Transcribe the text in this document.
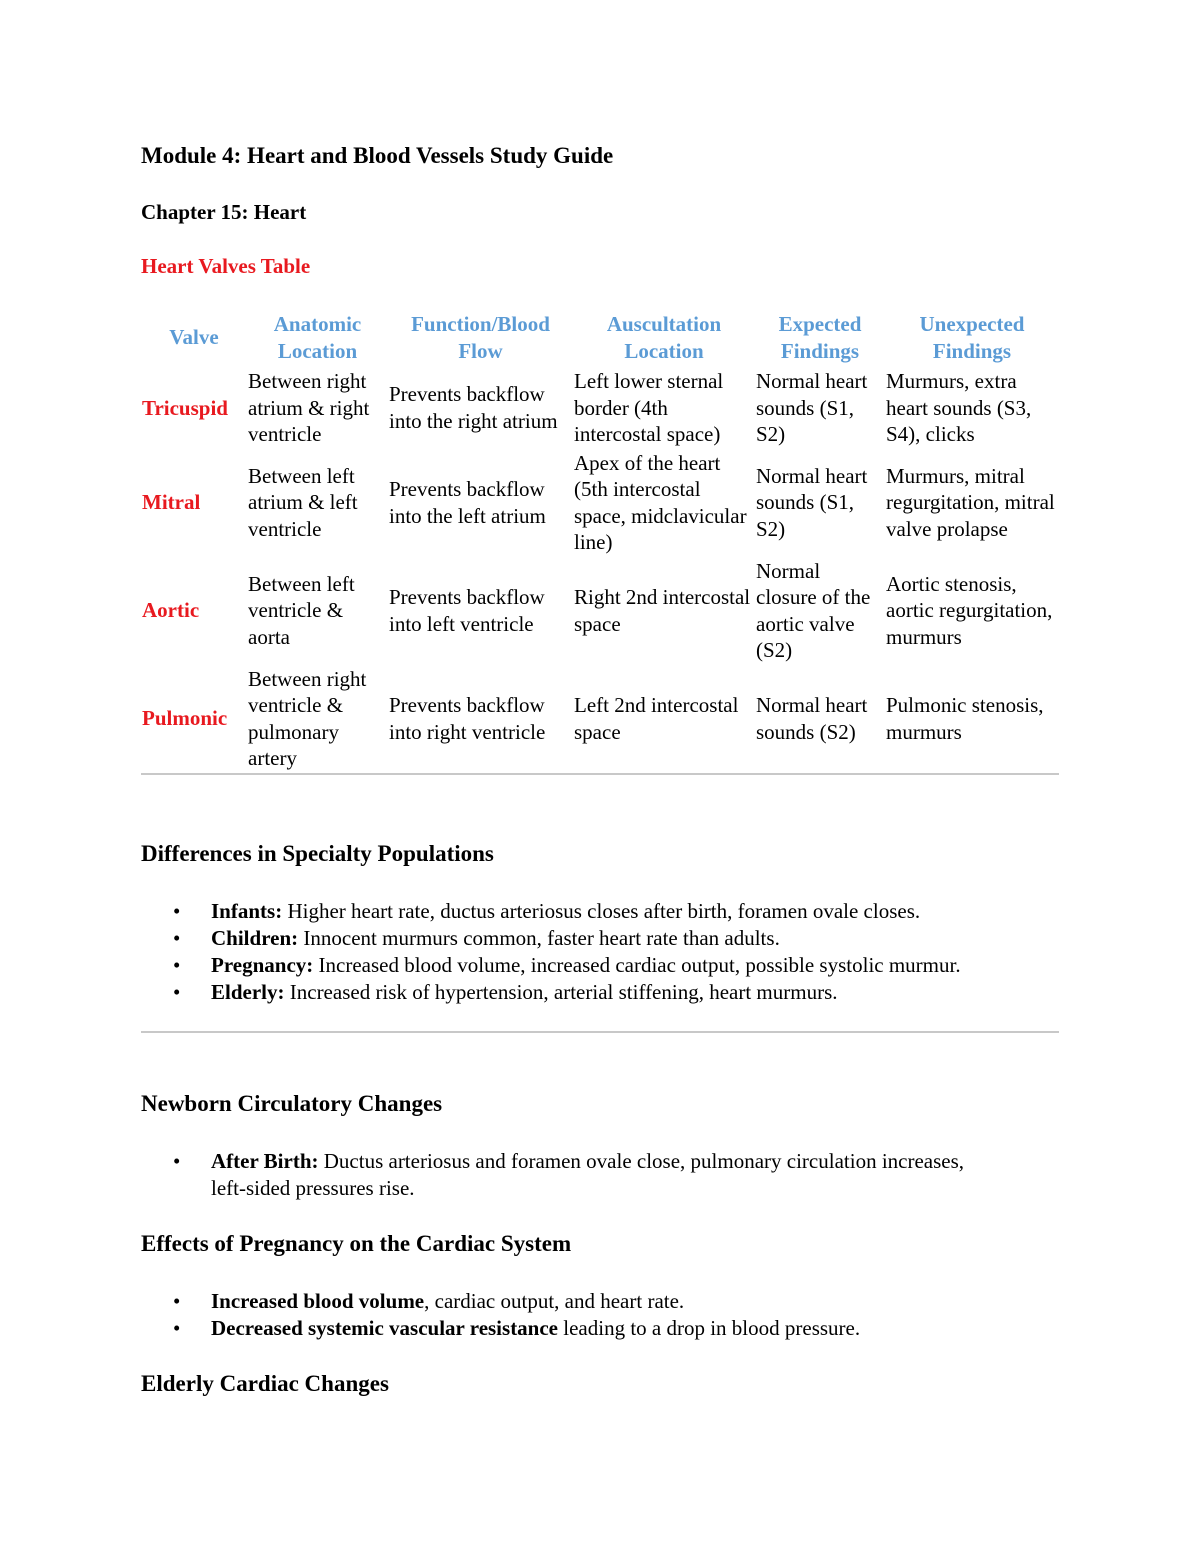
Module 4: Heart and Blood Vessels Study Guide
Chapter 15: Heart
Heart Valves Table
Valve	Anatomic Location	Function/Blood Flow	Auscultation Location	Expected Findings	Unexpected Findings
Tricuspid	Between right atrium & right ventricle	Prevents backflow into the right atrium	Left lower sternal border (4th intercostal space)	Normal heart sounds (S1, S2)	Murmurs, extra heart sounds (S3, S4), clicks
Mitral	Between left atrium & left ventricle	Prevents backflow into the left atrium	Apex of the heart (5th intercostal space, midclavicular line)	Normal heart sounds (S1, S2)	Murmurs, mitral regurgitation, mitral valve prolapse
Aortic	Between left ventricle & aorta	Prevents backflow into left ventricle	Right 2nd intercostal space	Normal closure of the aortic valve (S2)	Aortic stenosis, aortic regurgitation, murmurs
Pulmonic	Between right ventricle & pulmonary artery	Prevents backflow into right ventricle	Left 2nd intercostal space	Normal heart sounds (S2)	Pulmonic stenosis, murmurs
Differences in Specialty Populations
• Infants: Higher heart rate, ductus arteriosus closes after birth, foramen ovale closes.
• Children: Innocent murmurs common, faster heart rate than adults.
• Pregnancy: Increased blood volume, increased cardiac output, possible systolic murmur.
• Elderly: Increased risk of hypertension, arterial stiffening, heart murmurs.
Newborn Circulatory Changes
• After Birth: Ductus arteriosus and foramen ovale close, pulmonary circulation increases,
left-sided pressures rise.
Effects of Pregnancy on the Cardiac System
• Increased blood volume, cardiac output, and heart rate.
• Decreased systemic vascular resistance leading to a drop in blood pressure.
Elderly Cardiac Changes
